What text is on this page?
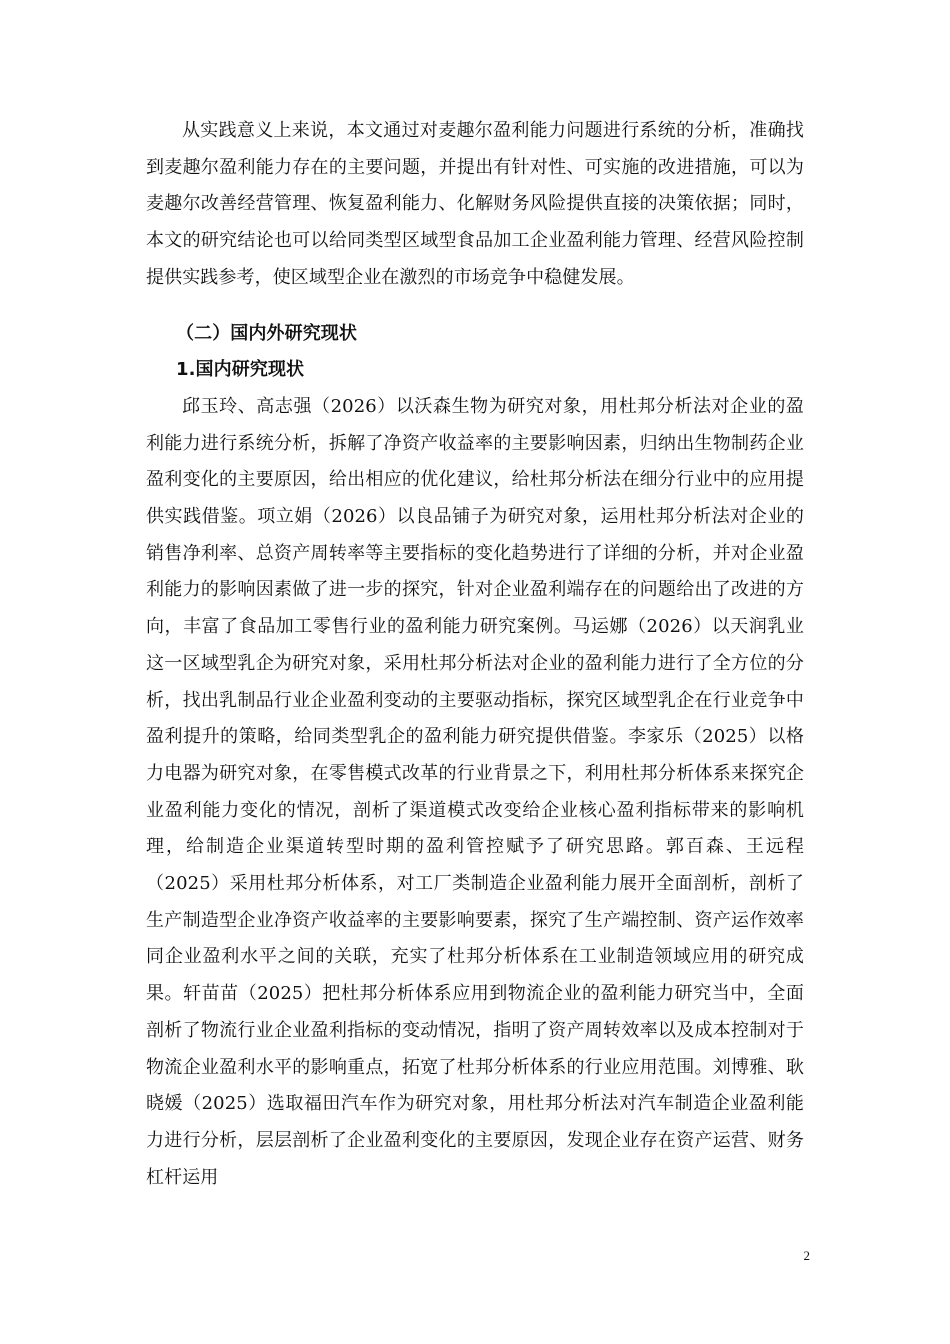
从实践意义上来说，本文通过对麦趣尔盈利能力问题进行系统的分析，准确找到麦趣尔盈利能力存在的主要问题，并提出有针对性、可实施的改进措施，可以为麦趣尔改善经营管理、恢复盈利能力、化解财务风险提供直接的决策依据；同时，本文的研究结论也可以给同类型区域型食品加工企业盈利能力管理、经营风险控制提供实践参考，使区域型企业在激烈的市场竞争中稳健发展。

（二）国内外研究现状
1.国内研究现状

邱玉玲、高志强（2026）以沃森生物为研究对象，用杜邦分析法对企业的盈利能力进行系统分析，拆解了净资产收益率的主要影响因素，归纳出生物制药企业盈利变化的主要原因，给出相应的优化建议，给杜邦分析法在细分行业中的应用提供实践借鉴。项立娟（2026）以良品铺子为研究对象，运用杜邦分析法对企业的销售净利率、总资产周转率等主要指标的变化趋势进行了详细的分析，并对企业盈利能力的影响因素做了进一步的探究，针对企业盈利端存在的问题给出了改进的方向，丰富了食品加工零售行业的盈利能力研究案例。马运娜（2026）以天润乳业这一区域型乳企为研究对象，采用杜邦分析法对企业的盈利能力进行了全方位的分析，找出乳制品行业企业盈利变动的主要驱动指标，探究区域型乳企在行业竞争中盈利提升的策略，给同类型乳企的盈利能力研究提供借鉴。李家乐（2025）以格力电器为研究对象，在零售模式改革的行业背景之下，利用杜邦分析体系来探究企业盈利能力变化的情况，剖析了渠道模式改变给企业核心盈利指标带来的影响机理，给制造企业渠道转型时期的盈利管控赋予了研究思路。郭百森、王远程（2025）采用杜邦分析体系，对工厂类制造企业盈利能力展开全面剖析，剖析了生产制造型企业净资产收益率的主要影响要素，探究了生产端控制、资产运作效率同企业盈利水平之间的关联，充实了杜邦分析体系在工业制造领域应用的研究成果。轩苗苗（2025）把杜邦分析体系应用到物流企业的盈利能力研究当中，全面剖析了物流行业企业盈利指标的变动情况，指明了资产周转效率以及成本控制对于物流企业盈利水平的影响重点，拓宽了杜邦分析体系的行业应用范围。刘博雅、耿晓媛（2025）选取福田汽车作为研究对象，用杜邦分析法对汽车制造企业盈利能力进行分析，层层剖析了企业盈利变化的主要原因，发现企业存在资产运营、财务杠杆运用

2
